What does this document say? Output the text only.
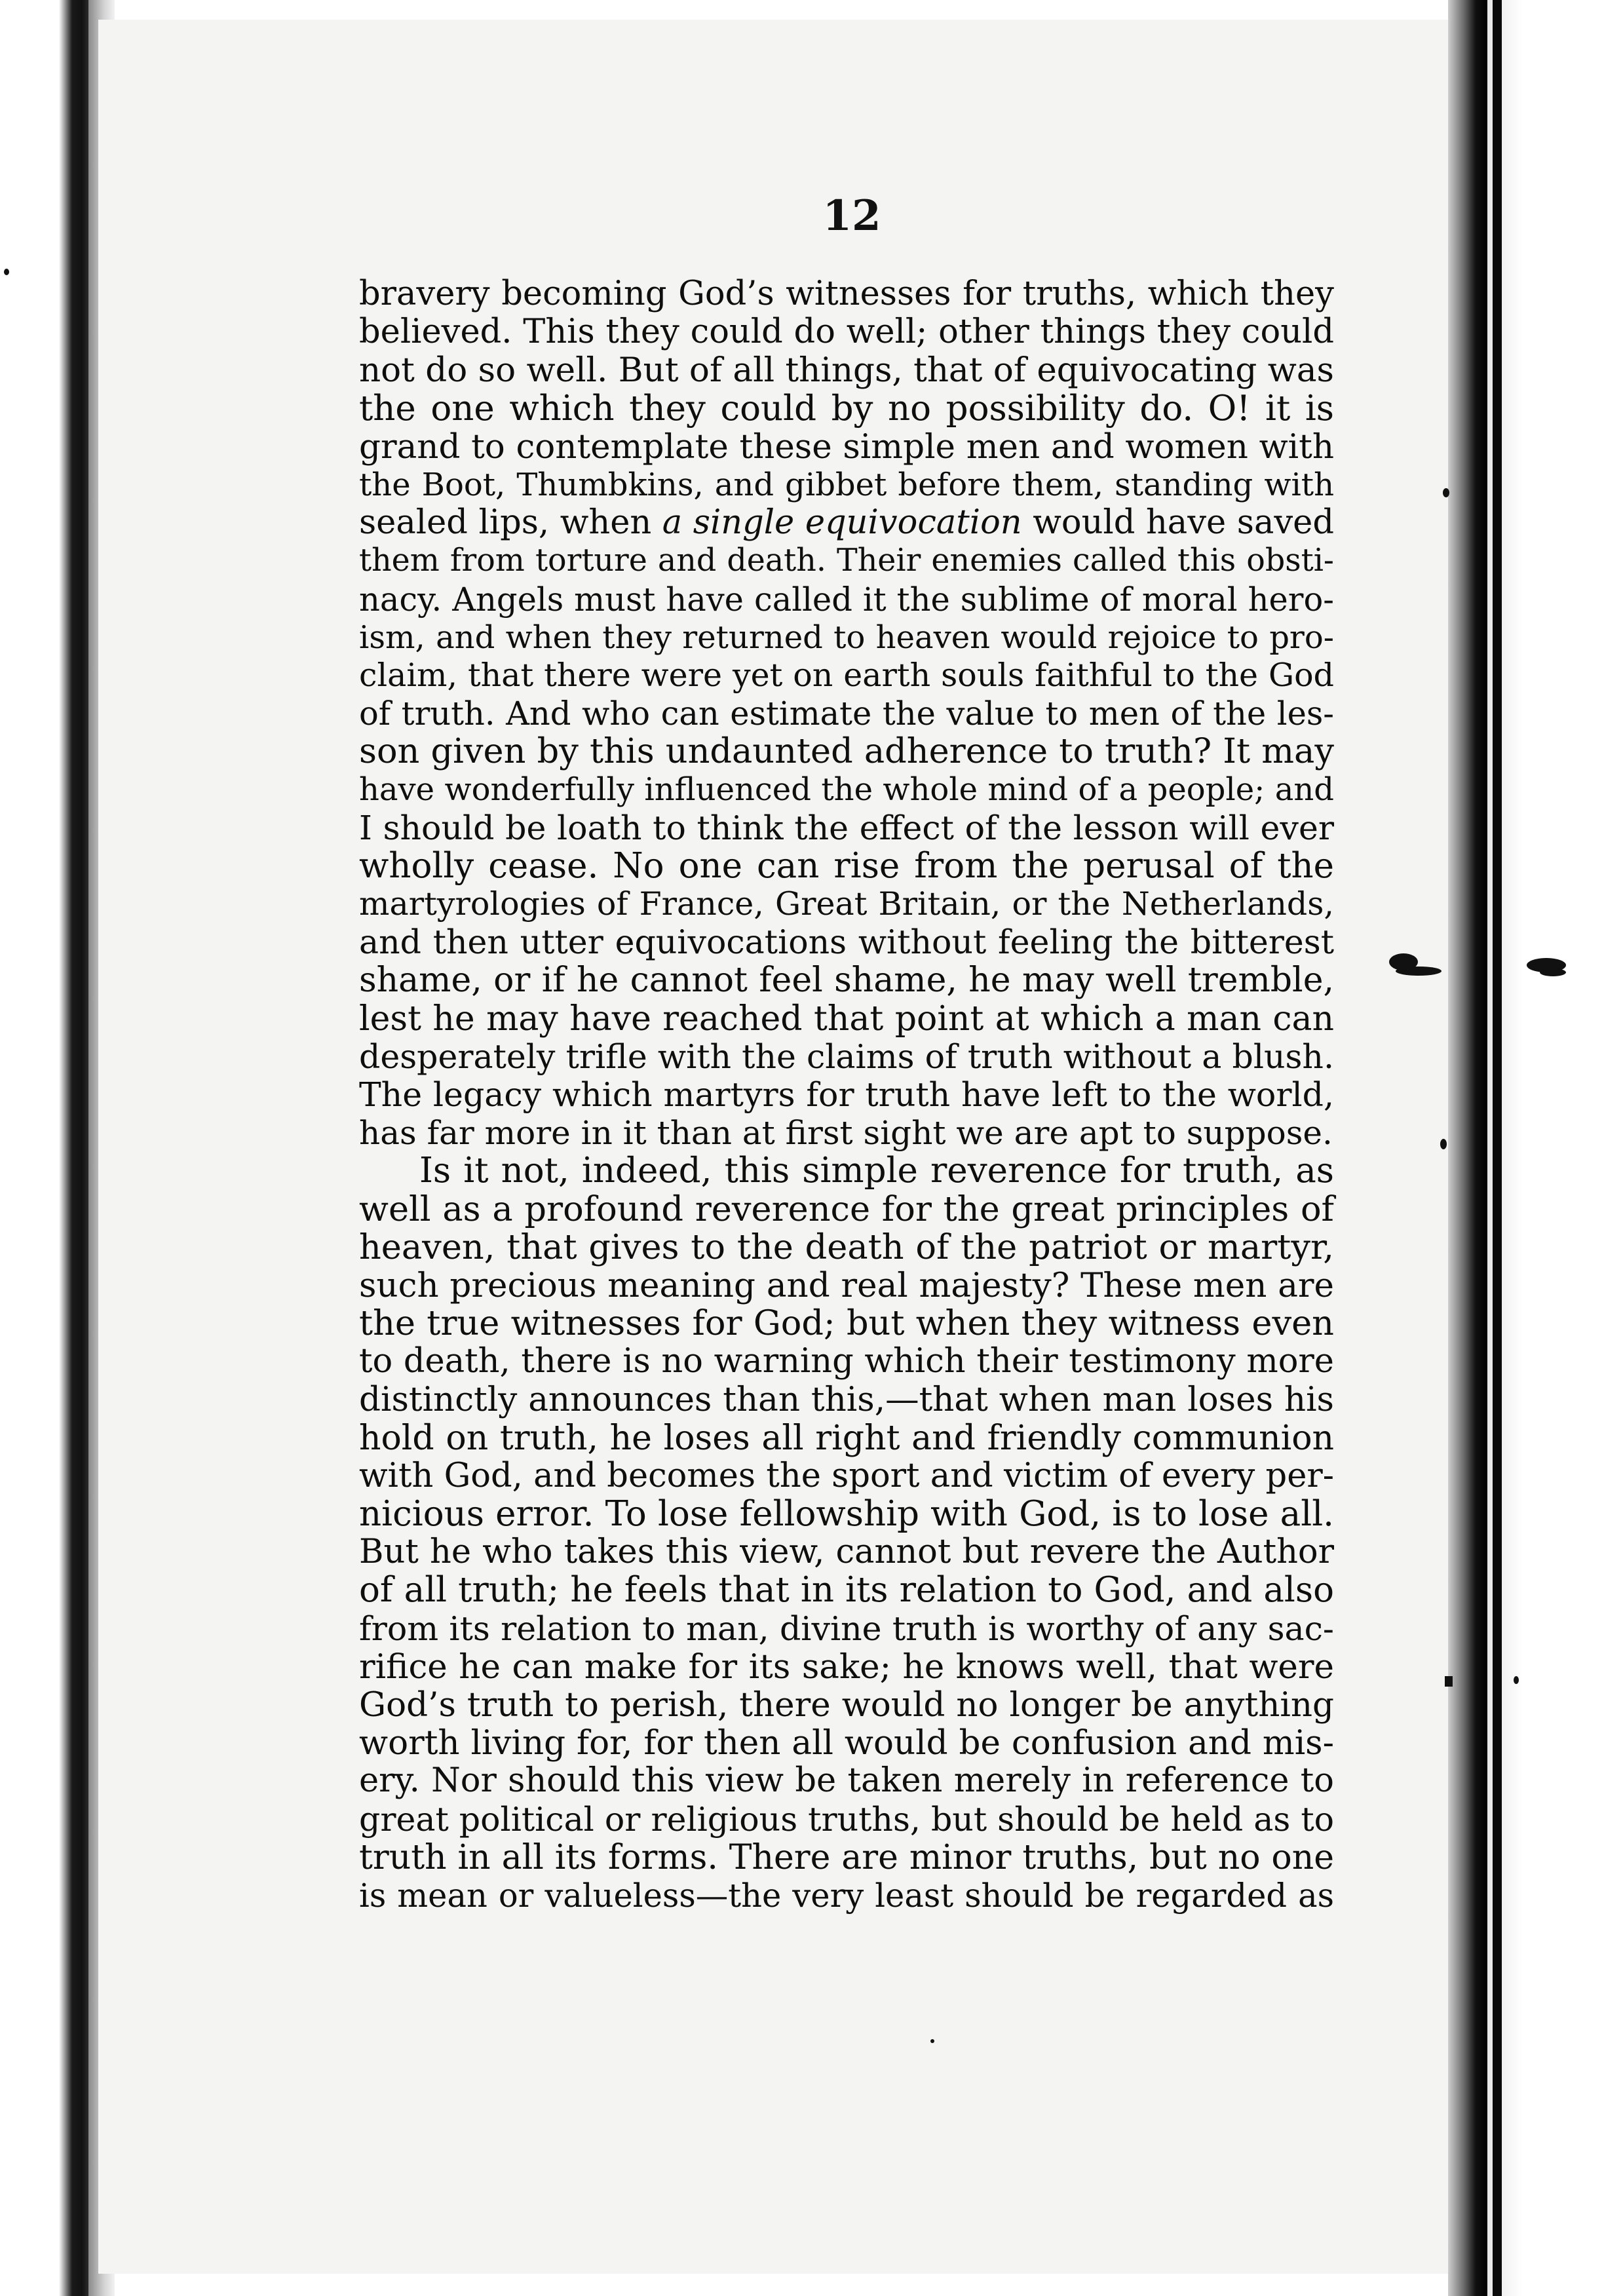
12
bravery becoming God’s witnesses for truths, which they
believed. This they could do well; other things they could
not do so well. But of all things, that of equivocating was
the one which they could by no possibility do. O! it is
grand to contemplate these simple men and women with
the Boot, Thumbkins, and gibbet before them, standing with
sealed lips, when a single equivocation would have saved
them from torture and death. Their enemies called this obsti-
nacy. Angels must have called it the sublime of moral hero-
ism, and when they returned to heaven would rejoice to pro-
claim, that there were yet on earth souls faithful to the God
of truth. And who can estimate the value to men of the les-
son given by this undaunted adherence to truth? It may
have wonderfully influenced the whole mind of a people; and
I should be loath to think the effect of the lesson will ever
wholly cease. No one can rise from the perusal of the
martyrologies of France, Great Britain, or the Netherlands,
and then utter equivocations without feeling the bitterest
shame, or if he cannot feel shame, he may well tremble,
lest he may have reached that point at which a man can
desperately trifle with the claims of truth without a blush.
The legacy which martyrs for truth have left to the world,
has far more in it than at first sight we are apt to suppose.
Is it not, indeed, this simple reverence for truth, as
well as a profound reverence for the great principles of
heaven, that gives to the death of the patriot or martyr,
such precious meaning and real majesty? These men are
the true witnesses for God; but when they witness even
to death, there is no warning which their testimony more
distinctly announces than this,—that when man loses his
hold on truth, he loses all right and friendly communion
with God, and becomes the sport and victim of every per-
nicious error. To lose fellowship with God, is to lose all.
But he who takes this view, cannot but revere the Author
of all truth; he feels that in its relation to God, and also
from its relation to man, divine truth is worthy of any sac-
rifice he can make for its sake; he knows well, that were
God’s truth to perish, there would no longer be anything
worth living for, for then all would be confusion and mis-
ery. Nor should this view be taken merely in reference to
great political or religious truths, but should be held as to
truth in all its forms. There are minor truths, but no one
is mean or valueless—the very least should be regarded as
